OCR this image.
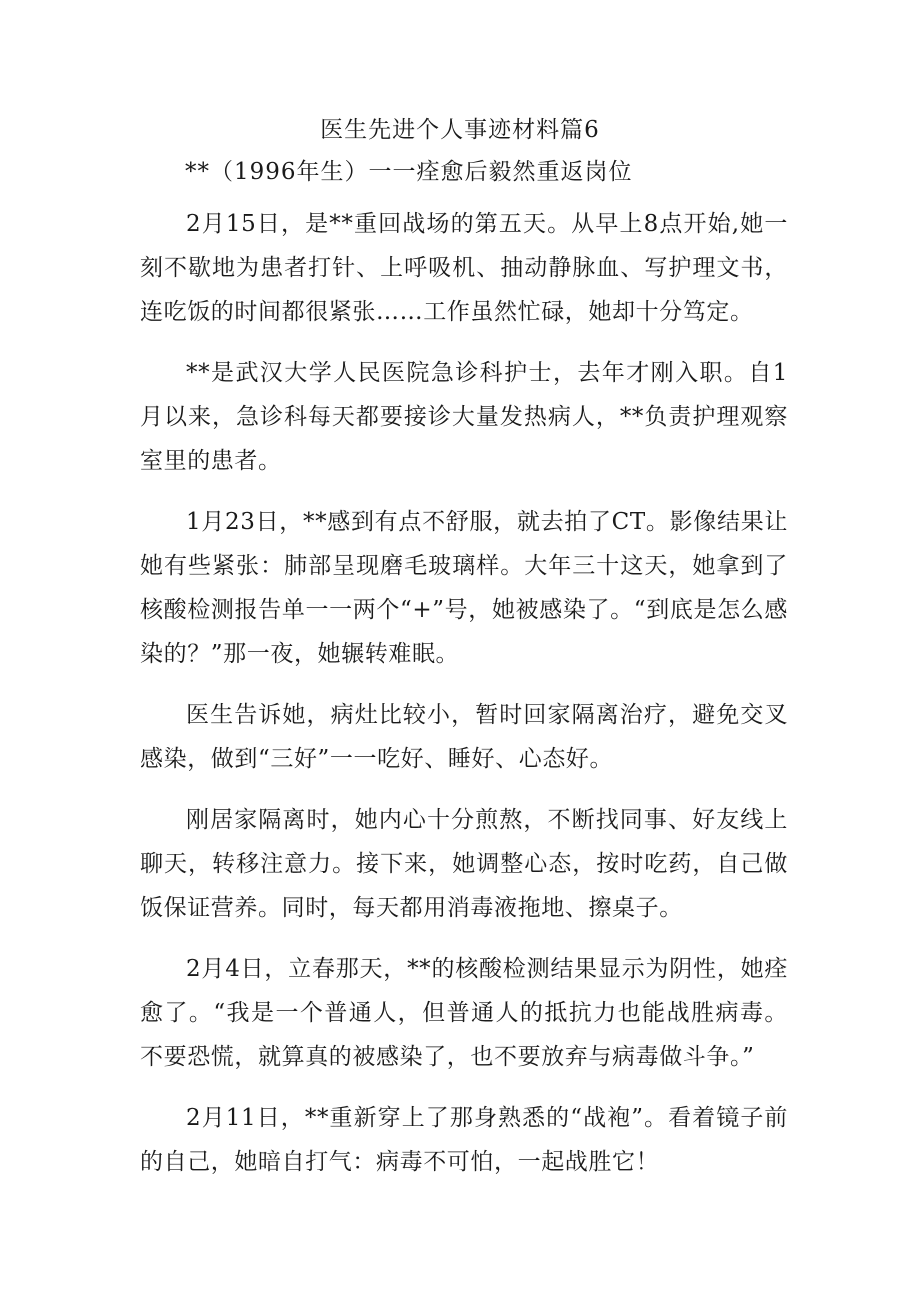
医生先进个人事迹材料篇6
**（1996年生）一一痊愈后毅然重返岗位

2月15日，是**重回战场的第五天。从早上8点开始,她一刻不歇地为患者打针、上呼吸机、抽动静脉血、写护理文书，连吃饭的时间都很紧张……工作虽然忙碌，她却十分笃定。

**是武汉大学人民医院急诊科护士，去年才刚入职。自1月以来，急诊科每天都要接诊大量发热病人，**负责护理观察室里的患者。

1月23日，**感到有点不舒服，就去拍了CT。影像结果让她有些紧张：肺部呈现磨毛玻璃样。大年三十这天，她拿到了核酸检测报告单一一两个“+”号，她被感染了。“到底是怎么感染的？”那一夜，她辗转难眠。

医生告诉她，病灶比较小，暂时回家隔离治疗，避免交叉感染，做到“三好”一一吃好、睡好、心态好。

刚居家隔离时，她内心十分煎熬，不断找同事、好友线上聊天，转移注意力。接下来，她调整心态，按时吃药，自己做饭保证营养。同时，每天都用消毒液拖地、擦桌子。

2月4日，立春那天，**的核酸检测结果显示为阴性，她痊愈了。“我是一个普通人，但普通人的抵抗力也能战胜病毒。不要恐慌，就算真的被感染了，也不要放弃与病毒做斗争。”

2月11日，**重新穿上了那身熟悉的“战袍”。看着镜子前的自己，她暗自打气：病毒不可怕，一起战胜它！
